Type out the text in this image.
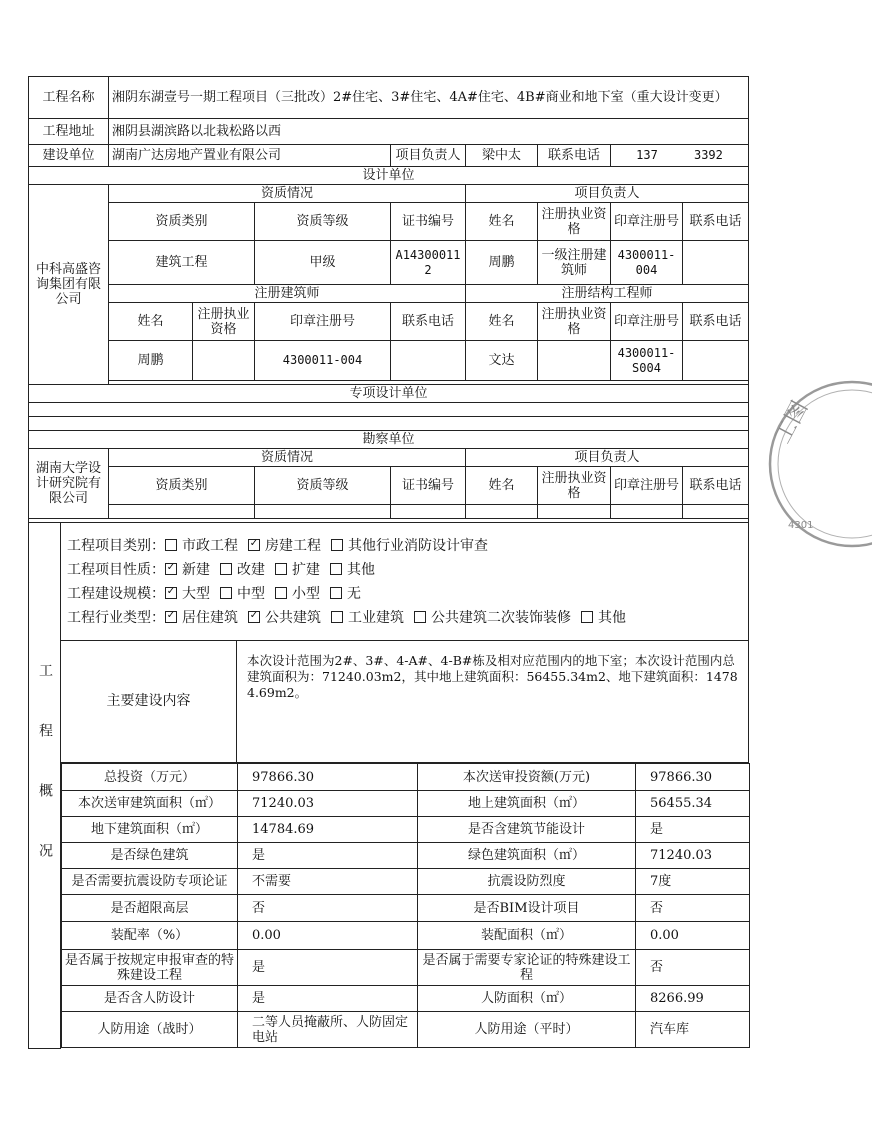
工程名称	湘阴东湖壹号一期工程项目（三批改）2#住宅、3#住宅、4A#住宅、4B#商业和地下室（重大设计变更）							
工程地址	湘阴县湖滨路以北栽松路以西							
建设单位	湖南广达房地产置业有限公司			项目负责人	梁中太	联系电话	137     3392	
设计单位								
中科高盛咨询集团有限公司	资质情况				项目负责人			
	资质类别		资质等级	证书编号	姓名	注册执业资格	印章注册号	联系电话
	建筑工程		甲级	A143000112	周鹏	一级注册建筑师	4300011-004	
	注册建筑师				注册结构工程师			
	姓名	注册执业资格	印章注册号	联系电话	姓名	注册执业资格	印章注册号	联系电话
	周鹏		4300011-004		文达		4300011-S004	

专项设计单位								

勘察单位								
湖南大学设计研究院有限公司	资质情况				项目负责人			
	资质类别		资质等级	证书编号	姓名	注册执业资格	印章注册号	联系电话

工程概况	
工程项目类别： 市政工程 ✓ 房建工程 其他行业消防设计审查
工程项目性质： ✓ 新建 改建 扩建 其他
工程建设规模： ✓ 大型 中型 小型 无
工程行业类型： ✓ 居住建筑 ✓ 公共建筑 工业建筑 公共建筑二次装饰装修 其他

主要建设内容	本次设计范围为2#、3#、4-A#、4-B#栋及相对应范围内的地下室；本次设计范围内总建筑面积为：71240.03m2，其中地上建筑面积：56455.34m2、地下建筑面积：14784.69m2。

总投资（万元）	97866.30	本次送审投资额(万元)	97866.30
本次送审建筑面积（㎡）	71240.03	地上建筑面积（㎡）	56455.34
地下建筑面积（㎡）	14784.69	是否含建筑节能设计	是
是否绿色建筑	是	绿色建筑面积（㎡）	71240.03
是否需要抗震设防专项论证	不需要	抗震设防烈度	7度
是否超限高层	否	是否BIM设计项目	否
装配率（%）	0.00	装配面积（㎡）	0.00
是否属于按规定申报审查的特殊建设工程	是	是否属于需要专家论证的特殊建设工程	否
是否含人防设计	是	人防面积（㎡）	8266.99
人防用途（战时）	二等人员掩蔽所、人防固定电站	人防用途（平时）	汽车库
工图
4301
